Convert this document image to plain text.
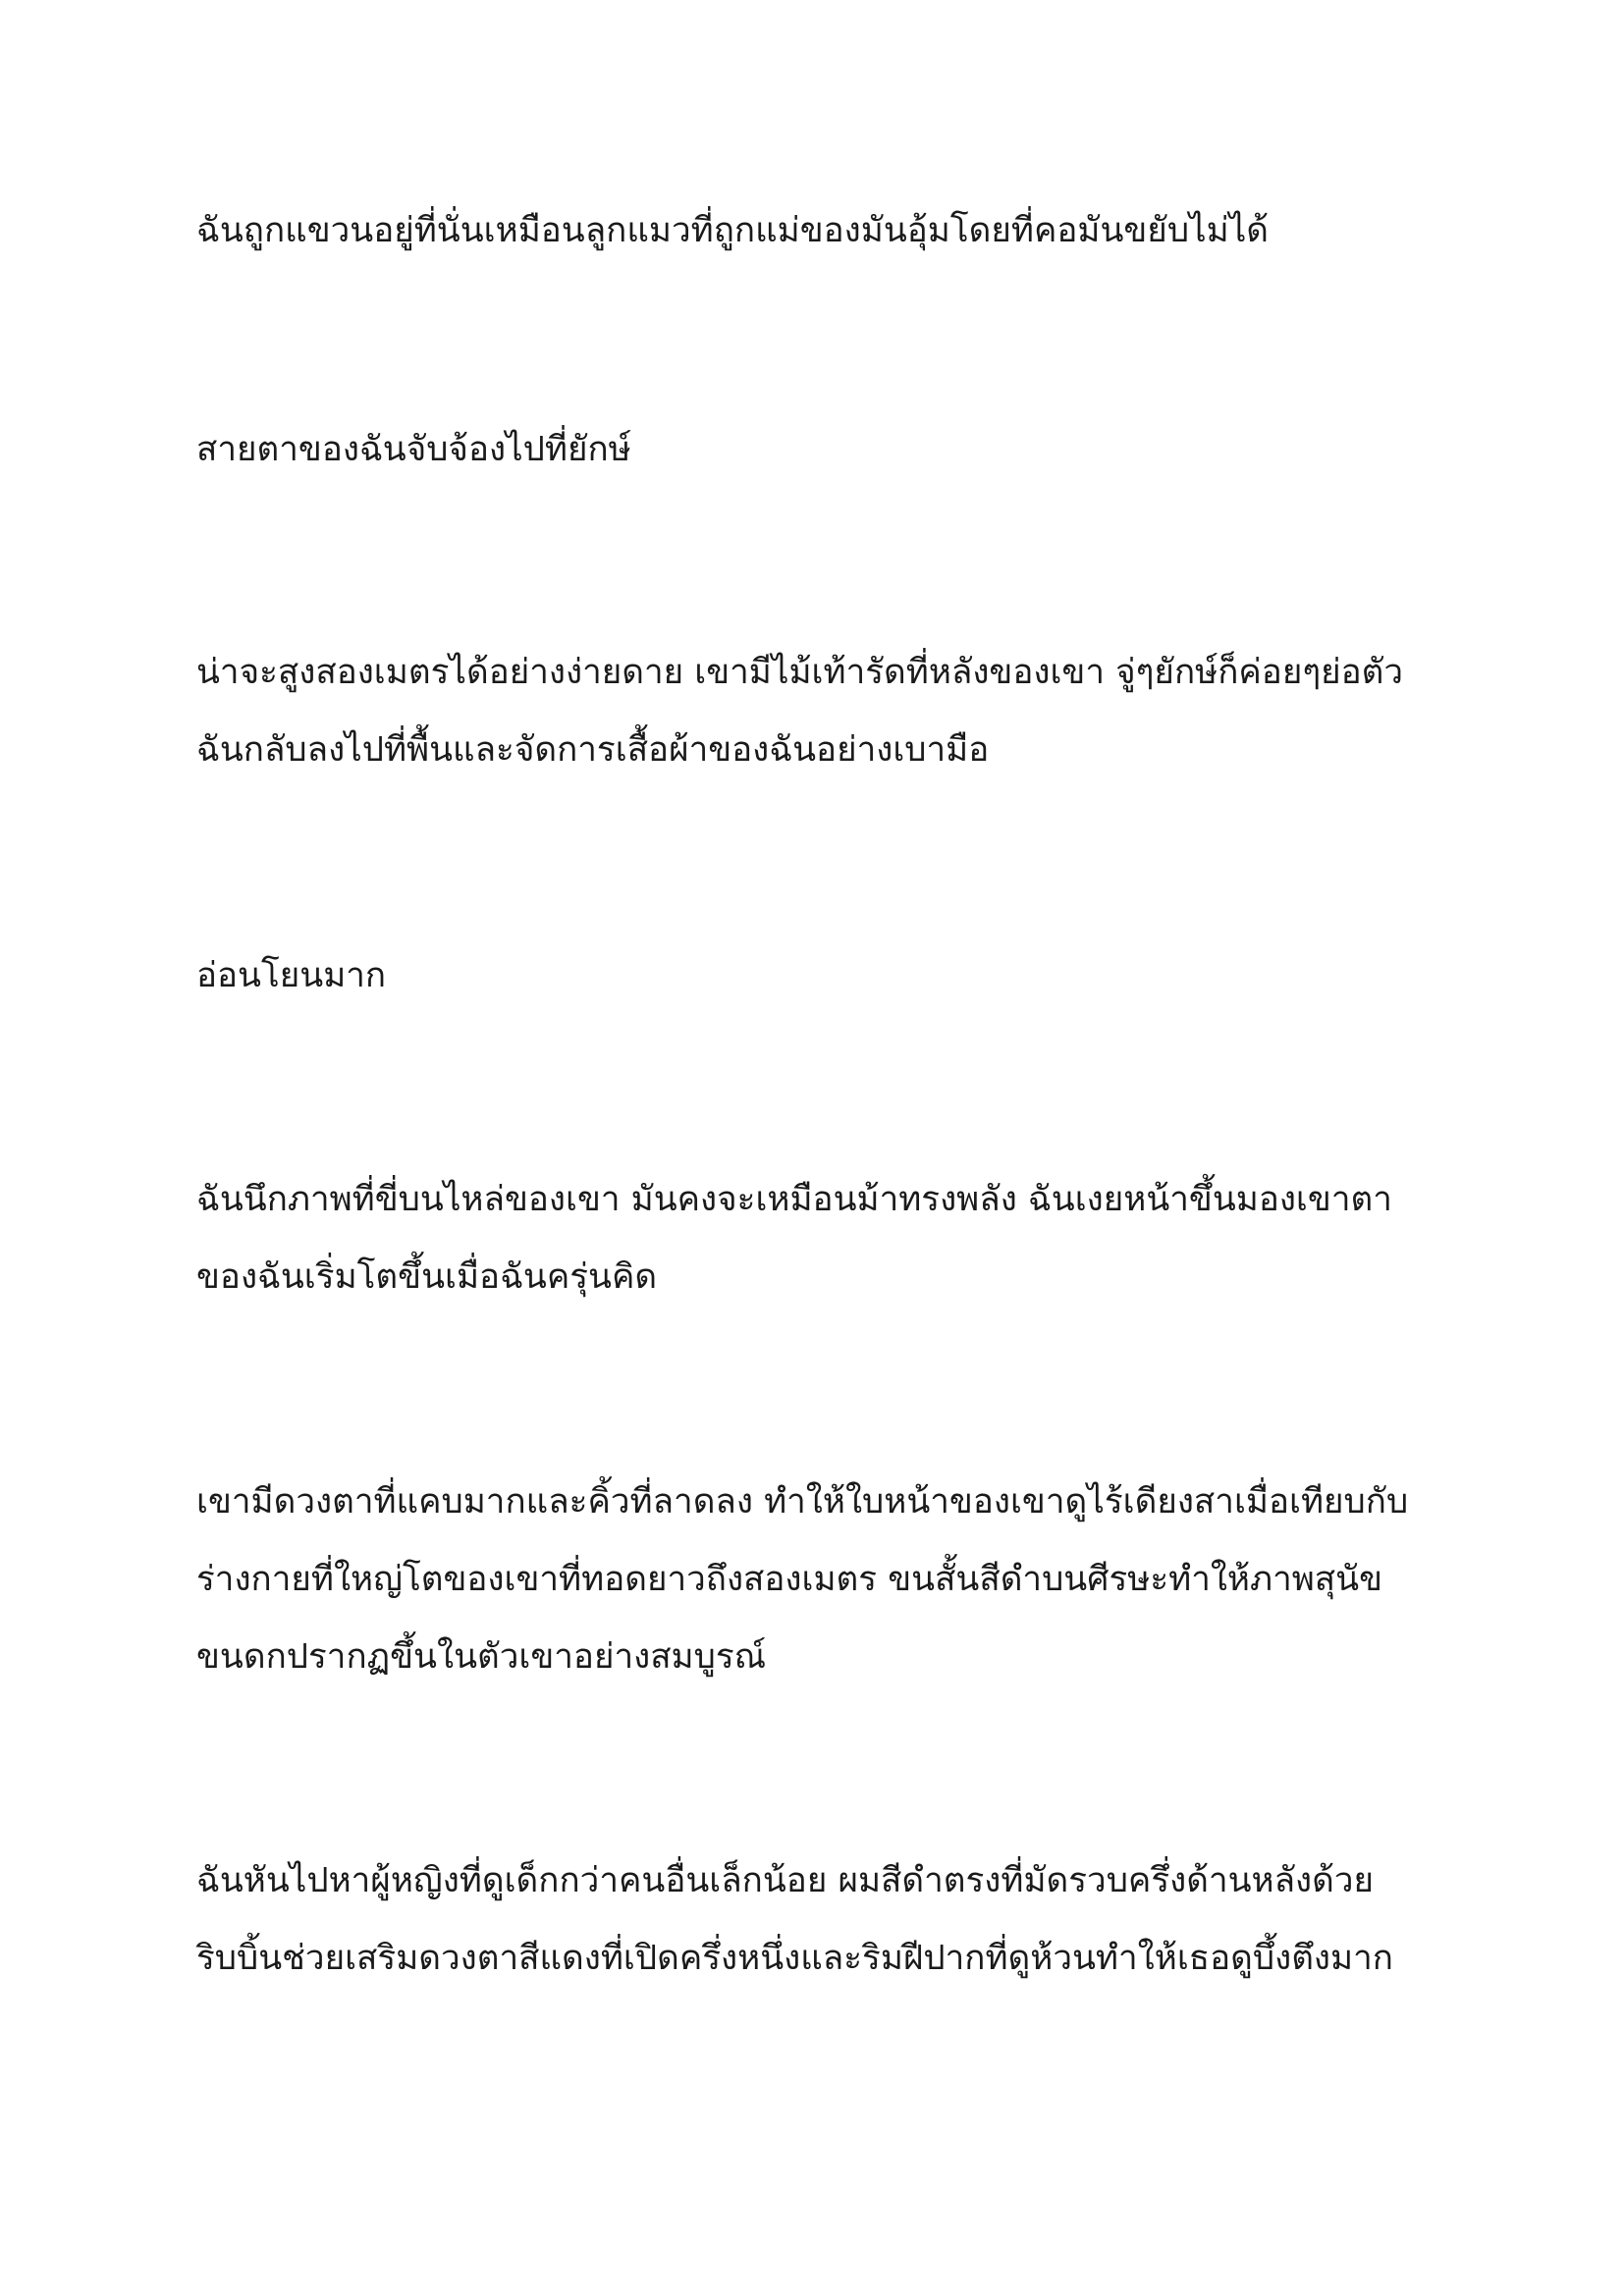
ฉันถูกแขวนอยู่ที่นั่นเหมือนลูกแมวที่ถูกแม่ของมันอุ้มโดยที่คอมันขยับไม่ได้

สายตาของฉันจับจ้องไปที่ยักษ์

น่าจะสูงสองเมตรได้อย่างง่ายดาย เขามีไม้เท้ารัดที่หลังของเขา จู่ๆยักษ์ก็ค่อยๆย่อตัว
ฉันกลับลงไปที่พื้นและจัดการเสื้อผ้าของฉันอย่างเบามือ

อ่อนโยนมาก

ฉันนึกภาพที่ขี่บนไหล่ของเขา มันคงจะเหมือนม้าทรงพลัง ฉันเงยหน้าขึ้นมองเขาตา
ของฉันเริ่มโตขึ้นเมื่อฉันครุ่นคิด

เขามีดวงตาที่แคบมากและคิ้วที่ลาดลง ทำให้ใบหน้าของเขาดูไร้เดียงสาเมื่อเทียบกับ
ร่างกายที่ใหญ่โตของเขาที่ทอดยาวถึงสองเมตร ขนสั้นสีดำบนศีรษะทำให้ภาพสุนัข
ขนดกปรากฏขึ้นในตัวเขาอย่างสมบูรณ์

ฉันหันไปหาผู้หญิงที่ดูเด็กกว่าคนอื่นเล็กน้อย ผมสีดำตรงที่มัดรวบครึ่งด้านหลังด้วย
ริบบิ้นช่วยเสริมดวงตาสีแดงที่เปิดครึ่งหนึ่งและริมฝีปากที่ดูห้วนทำให้เธอดูบึ้งตึงมาก
